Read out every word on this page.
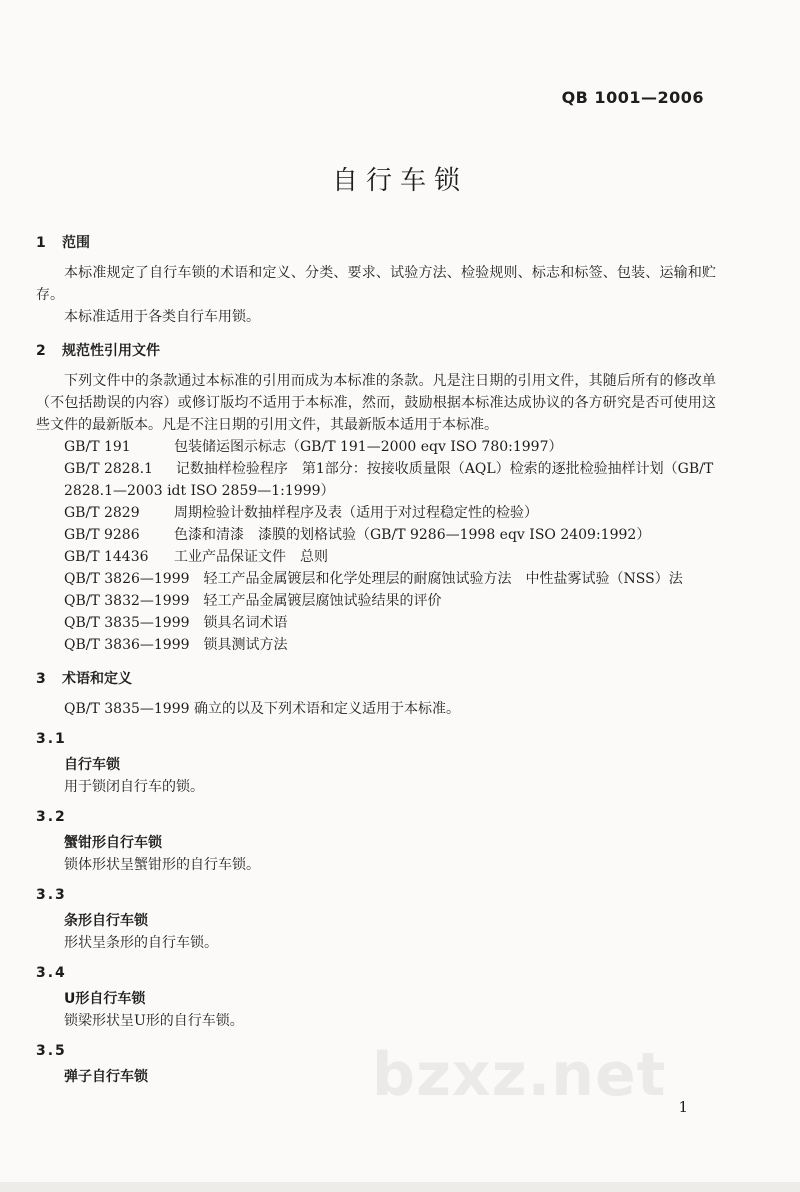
QB 1001—2006
自行车锁
1 范围

本标准规定了自行车锁的术语和定义、分类、要求、试验方法、检验规则、标志和标签、包装、运输和贮存。

本标准适用于各类自行车用锁。

2 规范性引用文件

下列文件中的条款通过本标准的引用而成为本标准的条款。凡是注日期的引用文件，其随后所有的修改单（不包括勘误的内容）或修订版均不适用于本标准，然而，鼓励根据本标准达成协议的各方研究是否可使用这些文件的最新版本。凡是不注日期的引用文件，其最新版本适用于本标准。

GB/T 191	包装储运图示标志（GB/T 191—2000 eqv ISO 780:1997）
GB/T 2828.1 记数抽样检验程序　第1部分：按接收质量限（AQL）检索的逐批检验抽样计划（GB/T 2828.1—2003 idt ISO 2859—1:1999）
GB/T 2829 周期检验计数抽样程序及表（适用于对过程稳定性的检验）
GB/T 9286 色漆和清漆　漆膜的划格试验（GB/T 9286—1998 eqv ISO 2409:1992）
GB/T 14436 工业产品保证文件　总则
QB/T 3826—1999 轻工产品金属镀层和化学处理层的耐腐蚀试验方法　中性盐雾试验（NSS）法
QB/T 3832—1999 轻工产品金属镀层腐蚀试验结果的评价
QB/T 3835—1999 锁具名词术语
QB/T 3836—1999 锁具测试方法
3 术语和定义

QB/T 3835—1999 确立的以及下列术语和定义适用于本标准。

3.1
自行车锁
用于锁闭自行车的锁。
3.2
蟹钳形自行车锁
锁体形状呈蟹钳形的自行车锁。
3.3
条形自行车锁
形状呈条形的自行车锁。
3.4
U形自行车锁
锁梁形状呈U形的自行车锁。
3.5
弹子自行车锁	bzxz.net 1
